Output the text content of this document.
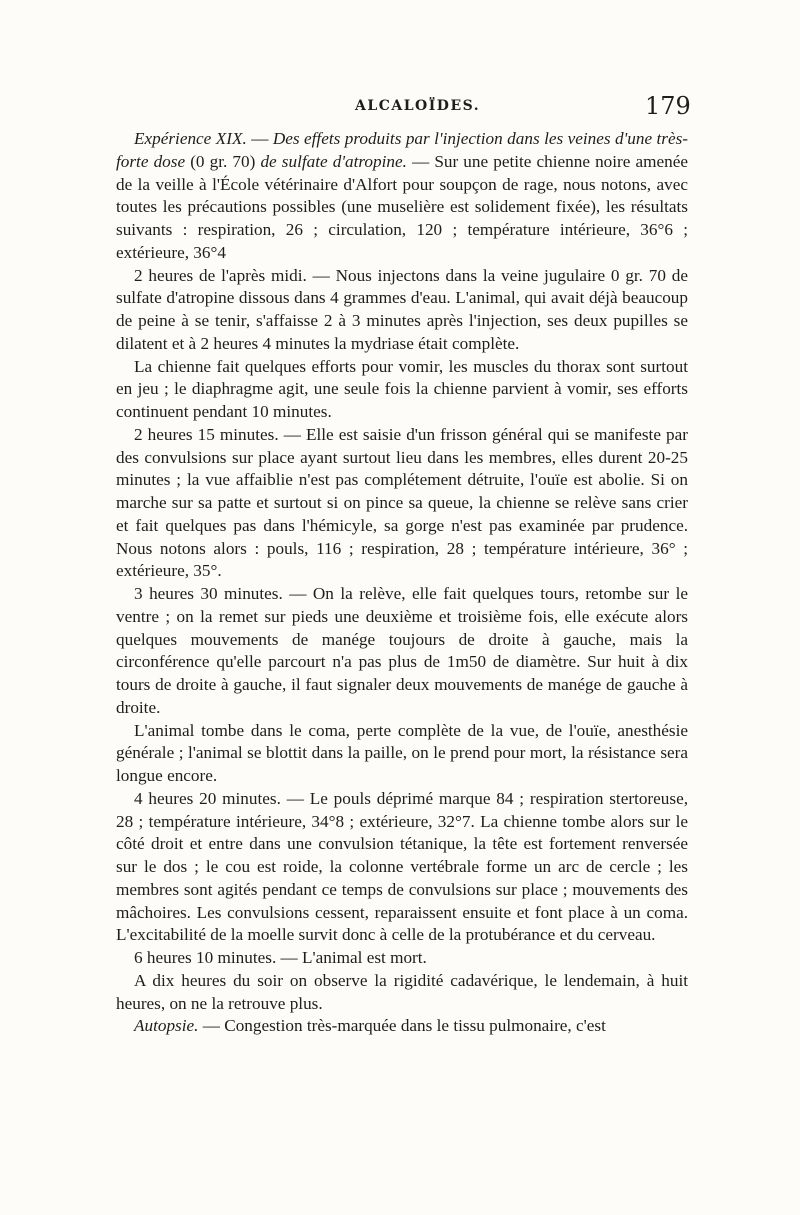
ALCALOÏDES.	179

Expérience XIX. — Des effets produits par l'injection dans les veines d'une très-forte dose (0 gr. 70) de sulfate d'atropine. — Sur une petite chienne noire amenée de la veille à l'École vétérinaire d'Alfort pour soupçon de rage, nous notons, avec toutes les précautions possibles (une muselière est solidement fixée), les résultats suivants : respiration, 26 ; circulation, 120 ; température intérieure, 36°6 ; extérieure, 36°4

2 heures de l'après midi. — Nous injectons dans la veine jugulaire 0 gr. 70 de sulfate d'atropine dissous dans 4 grammes d'eau. L'animal, qui avait déjà beaucoup de peine à se tenir, s'affaisse 2 à 3 minutes après l'injection, ses deux pupilles se dilatent et à 2 heures 4 minutes la mydriase était complète.

La chienne fait quelques efforts pour vomir, les muscles du thorax sont surtout en jeu ; le diaphragme agit, une seule fois la chienne parvient à vomir, ses efforts continuent pendant 10 minutes.

2 heures 15 minutes. — Elle est saisie d'un frisson général qui se manifeste par des convulsions sur place ayant surtout lieu dans les membres, elles durent 20-25 minutes ; la vue affaiblie n'est pas complétement détruite, l'ouïe est abolie. Si on marche sur sa patte et surtout si on pince sa queue, la chienne se relève sans crier et fait quelques pas dans l'hémicyle, sa gorge n'est pas examinée par prudence. Nous notons alors : pouls, 116 ; respiration, 28 ; température intérieure, 36° ; extérieure, 35°.

3 heures 30 minutes. — On la relève, elle fait quelques tours, retombe sur le ventre ; on la remet sur pieds une deuxième et troisième fois, elle exécute alors quelques mouvements de manége toujours de droite à gauche, mais la circonférence qu'elle parcourt n'a pas plus de 1m50 de diamètre. Sur huit à dix tours de droite à gauche, il faut signaler deux mouvements de manége de gauche à droite.

L'animal tombe dans le coma, perte complète de la vue, de l'ouïe, anesthésie générale ; l'animal se blottit dans la paille, on le prend pour mort, la résistance sera longue encore.

4 heures 20 minutes. — Le pouls déprimé marque 84 ; respiration stertoreuse, 28 ; température intérieure, 34°8 ; extérieure, 32°7. La chienne tombe alors sur le côté droit et entre dans une convulsion tétanique, la tête est fortement renversée sur le dos ; le cou est roide, la colonne vertébrale forme un arc de cercle ; les membres sont agités pendant ce temps de convulsions sur place ; mouvements des mâchoires. Les convulsions cessent, reparaissent ensuite et font place à un coma. L'excitabilité de la moelle survit donc à celle de la protubérance et du cerveau.

6 heures 10 minutes. — L'animal est mort.

A dix heures du soir on observe la rigidité cadavérique, le lendemain, à huit heures, on ne la retrouve plus.

Autopsie. — Congestion très-marquée dans le tissu pulmonaire, c'est
